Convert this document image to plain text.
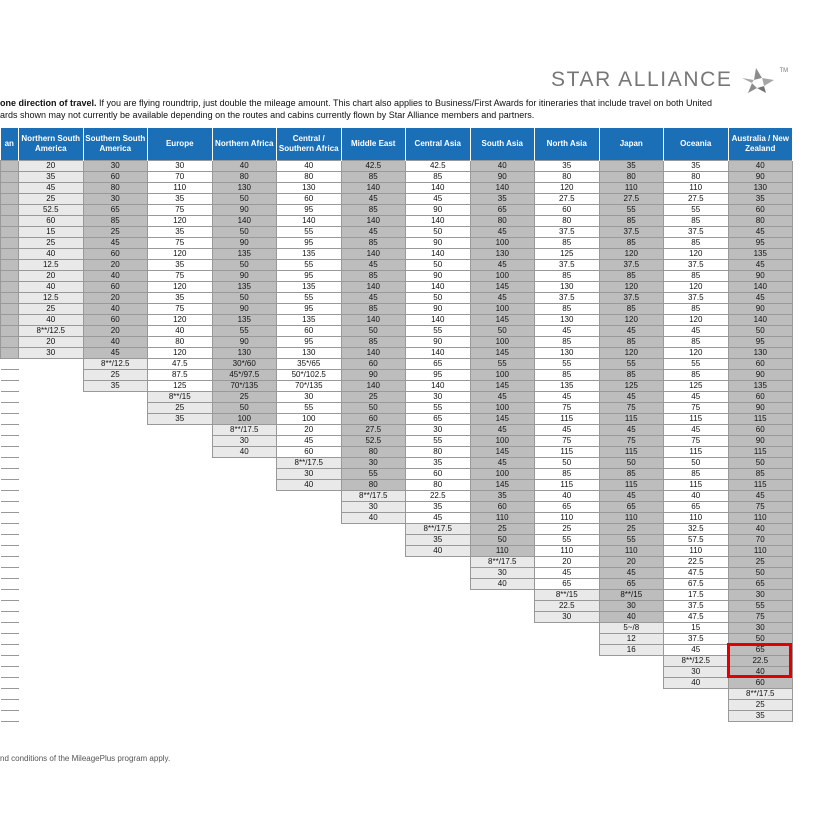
STAR ALLIANCE	TM
one direction of travel. If you are flying roundtrip, just double the mileage amount. This chart also applies to Business/First Awards for itineraries that include travel on both United
ards shown may not currently be available depending on the routes and cabins currently flown by Star Alliance members and partners.
an	Northern South America	Southern South America	Europe	Northern Africa	Central / Southern Africa	Middle East	Central Asia	South Asia	North Asia	Japan	Oceania	Australia / New Zealand
	20	30	30	40	40	42.5	42.5	40	35	35	35	40
	35	60	70	80	80	85	85	90	80	80	80	90
	45	80	110	130	130	140	140	140	120	110	110	130
	25	30	35	50	60	45	45	35	27.5	27.5	27.5	35
	52.5	65	75	90	95	85	90	65	60	55	55	60
	60	85	120	140	140	140	140	80	80	85	85	80
	15	25	35	50	55	45	50	45	37.5	37.5	37.5	45
	25	45	75	90	95	85	90	100	85	85	85	95
	40	60	120	135	135	140	140	130	125	120	120	135
	12.5	20	35	50	55	45	50	45	37.5	37.5	37.5	45
	20	40	75	90	95	85	90	100	85	85	85	90
	40	60	120	135	135	140	140	145	130	120	120	140
	12.5	20	35	50	55	45	50	45	37.5	37.5	37.5	45
	25	40	75	90	95	85	90	100	85	85	85	90
	40	60	120	135	135	140	140	145	130	120	120	140
	8**/12.5	20	40	55	60	50	55	50	45	45	45	50
	20	40	80	90	95	85	90	100	85	85	85	95
	30	45	120	130	130	140	140	145	130	120	120	130
		8**/12.5	47.5	30*/60	35*/65	60	65	55	55	55	55	60
		25	87.5	45*/97.5	50*/102.5	90	95	100	85	85	85	90
		35	125	70*/135	70*/135	140	140	145	135	125	125	135
			8**/15	25	30	25	30	45	45	45	45	60
			25	50	55	50	55	100	75	75	75	90
			35	100	100	60	65	145	115	115	115	115
				8**/17.5	20	27.5	30	45	45	45	45	60
				30	45	52.5	55	100	75	75	75	90
				40	60	80	80	145	115	115	115	115
					8**/17.5	30	35	45	50	50	50	50
					30	55	60	100	85	85	85	85
					40	80	80	145	115	115	115	115
						8**/17.5	22.5	35	40	45	40	45
						30	35	60	65	65	65	75
						40	45	110	110	110	110	110
							8**/17.5	25	25	25	32.5	40
							35	50	55	55	57.5	70
							40	110	110	110	110	110
								8**/17.5	20	20	22.5	25
								30	45	45	47.5	50
								40	65	65	67.5	65
									8**/15	8**/15	17.5	30
									22.5	30	37.5	55
									30	40	47.5	75
										5~/8	15	30
										12	37.5	50
										16	45	65
											8**/12.5	22.5
											30	40
											40	60
												8**/17.5
												25
												35
nd conditions of the MileagePlus program apply.
